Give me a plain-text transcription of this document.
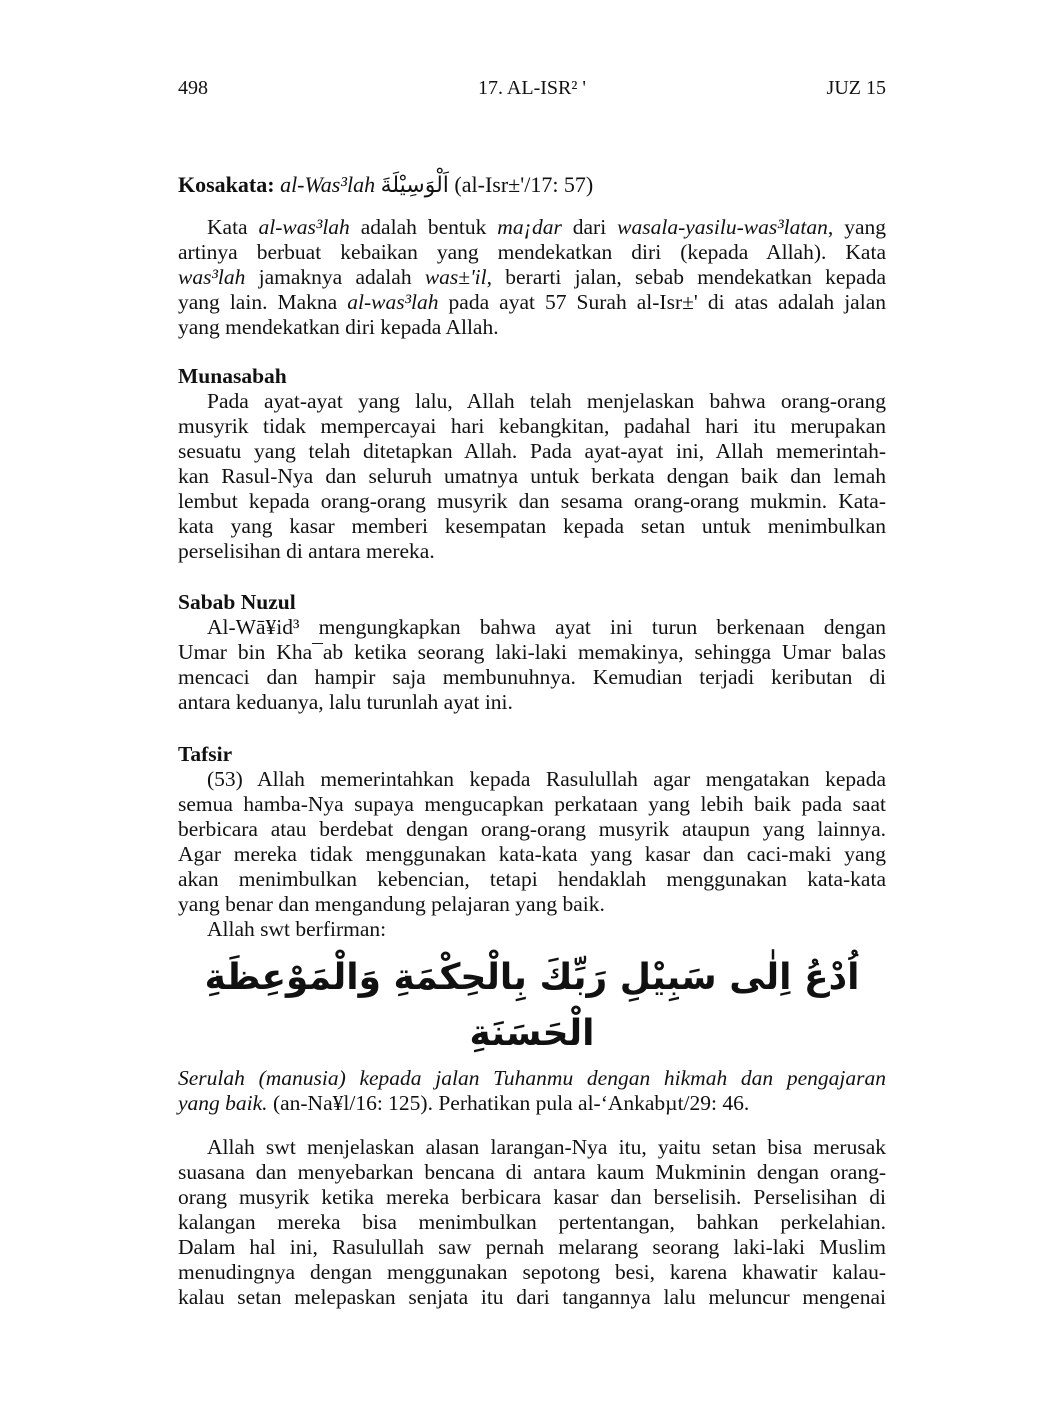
498	17. AL-ISR² '	JUZ 15
Kosakata: al-Was³lah اَلْوَسِيْلَةَ (al-Isr±'/17: 57)
Kata al-was³lah adalah bentuk ma¡dar dari wasala-yasilu-was³latan, yang
artinya berbuat kebaikan yang mendekatkan diri (kepada Allah). Kata
was³lah jamaknya adalah was±'il, berarti jalan, sebab mendekatkan kepada
yang lain. Makna al-was³lah pada ayat 57 Surah al-Isr±' di atas adalah jalan
yang mendekatkan diri kepada Allah.
Munasabah
Pada ayat-ayat yang lalu, Allah telah menjelaskan bahwa orang-orang
musyrik tidak mempercayai hari kebangkitan, padahal hari itu merupakan
sesuatu yang telah ditetapkan Allah. Pada ayat-ayat ini, Allah memerintah-
kan Rasul-Nya dan seluruh umatnya untuk berkata dengan baik dan lemah
lembut kepada orang-orang musyrik dan sesama orang-orang mukmin. Kata-
kata yang kasar memberi kesempatan kepada setan untuk menimbulkan
perselisihan di antara mereka.
Sabab Nuzul
Al-Wā¥id³ mengungkapkan bahwa ayat ini turun berkenaan dengan
Umar bin Kha¯ab ketika seorang laki-laki memakinya, sehingga Umar balas
mencaci dan hampir saja membunuhnya. Kemudian terjadi keributan di
antara keduanya, lalu turunlah ayat ini.
Tafsir
(53) Allah memerintahkan kepada Rasulullah agar mengatakan kepada
semua hamba-Nya supaya mengucapkan perkataan yang lebih baik pada saat
berbicara atau berdebat dengan orang-orang musyrik ataupun yang lainnya.
Agar mereka tidak menggunakan kata-kata yang kasar dan caci-maki yang
akan menimbulkan kebencian, tetapi hendaklah menggunakan kata-kata
yang benar dan mengandung pelajaran yang baik.
Allah swt berfirman:
اُدْعُ اِلٰى سَبِيْلِ رَبِّكَ بِالْحِكْمَةِ وَالْمَوْعِظَةِ الْحَسَنَةِ
Serulah (manusia) kepada jalan Tuhanmu dengan hikmah dan pengajaran
yang baik. (an-Na¥l/16: 125). Perhatikan pula al-‘Ankabµt/29: 46.
Allah swt menjelaskan alasan larangan-Nya itu, yaitu setan bisa merusak
suasana dan menyebarkan bencana di antara kaum Mukminin dengan orang-
orang musyrik ketika mereka berbicara kasar dan berselisih. Perselisihan di
kalangan mereka bisa menimbulkan pertentangan, bahkan perkelahian.
Dalam hal ini, Rasulullah saw pernah melarang seorang laki-laki Muslim
menudingnya dengan menggunakan sepotong besi, karena khawatir kalau-
kalau setan melepaskan senjata itu dari tangannya lalu meluncur mengenai
